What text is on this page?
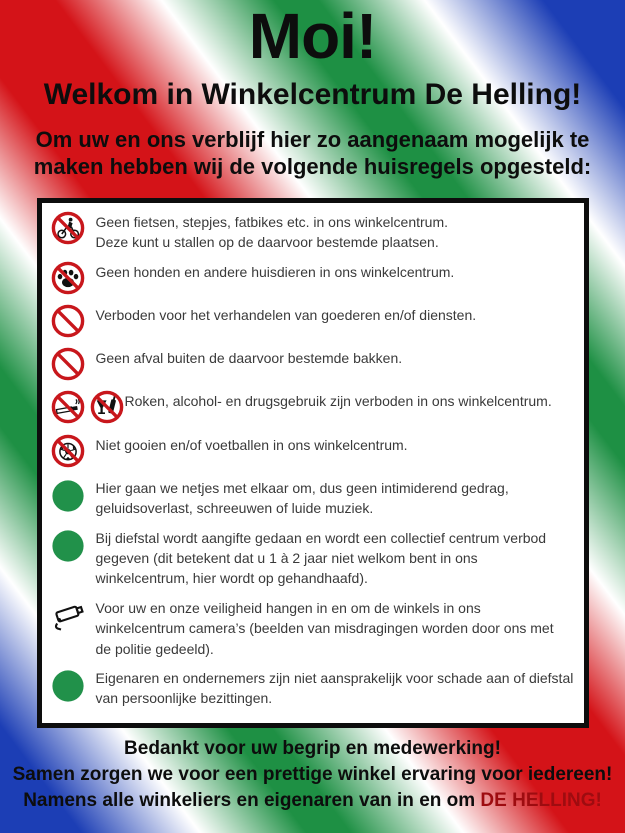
Moi!
Welkom in Winkelcentrum De Helling!

Om uw en ons verblijf hier zo aangenaam mogelijk te
maken hebben wij de volgende huisregels opgesteld:

Geen fietsen, stepjes, fatbikes etc. in ons winkelcentrum.
Deze kunt u stallen op de daarvoor bestemde plaatsen.

Geen honden en andere huisdieren in ons winkelcentrum.

Verboden voor het verhandelen van goederen en/of diensten.

Geen afval buiten de daarvoor bestemde bakken.

Roken, alcohol- en drugsgebruik zijn verboden in ons winkelcentrum.

Niet gooien en/of voetballen in ons winkelcentrum.

Hier gaan we netjes met elkaar om, dus geen intimiderend gedrag,
geluidsoverlast, schreeuwen of luide muziek.

Bij diefstal wordt aangifte gedaan en wordt een collectief centrum verbod
gegeven (dit betekent dat u 1 à 2 jaar niet welkom bent in ons
winkelcentrum, hier wordt op gehandhaafd).

Voor uw en onze veiligheid hangen in en om de winkels in ons
winkelcentrum camera’s (beelden van misdragingen worden door ons met
de politie gedeeld).

Eigenaren en ondernemers zijn niet aansprakelijk voor schade aan of diefstal
van persoonlijke bezittingen.

Bedankt voor uw begrip en medewerking!
Samen zorgen we voor een prettige winkel ervaring voor iedereen!
Namens alle winkeliers en eigenaren van in en om DE HELLING!
